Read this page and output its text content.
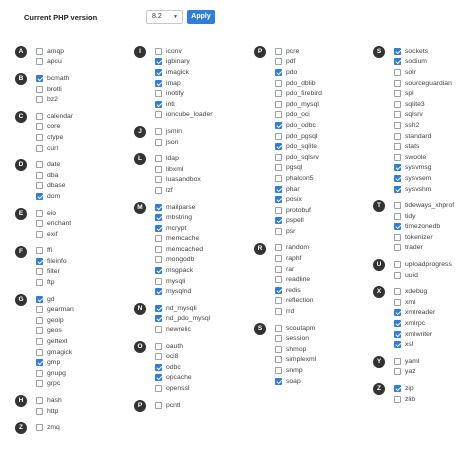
Current PHP version	8.2 ▼	Apply
A	amqp
apcu
B	bcmath
brotli
bz2
C	calendar
core
ctype
curl
D	date
dba
dbase
dom
E	eio
enchant
exif
F	ffi
fileinfo
filter
ftp
G	gd
gearman
geoip
geos
gettext
gmagick
gmp
gnupg
grpc
H	hash
http
Z	zmq
I	iconv
igbinary
imagick
imap
inotify
intl
ioncube_loader
J	jsmin
json
L	ldap
libxml
luasandbox
lzf
M	mailparse
mbstring
mcrypt
memcache
memcached
mongodb
msgpack
mysqli
mysqlnd
N	nd_mysqli
nd_pdo_mysql
newrelic
O	oauth
oci8
odbc
opcache
openssl
P	pcntl
P	pcre
pdf
pdo
pdo_dblib
pdo_firebird
pdo_mysql
pdo_oci
pdo_odbc
pdo_pgsql
pdo_sqlite
pdo_sqlsrv
pgsql
phalcon5
phar
posix
protobuf
pspell
psr
R	random
raphf
rar
readline
redis
reflection
rrd
S	scoutapm
session
shmop
simplexml
snmp
soap
S	sockets
sodium
solr
sourceguardian
spl
sqlite3
sqlsrv
ssh2
standard
stats
swoole
sysvmsg
sysvsem
sysvshm
T	tideways_xhprof
tidy
timezonedb
tokenizer
trader
U	uploadprogress
uuid
X	xdebug
xml
xmlreader
xmlrpc
xmlwriter
xsl
Y	yaml
yaz
Z	zip
zlib
